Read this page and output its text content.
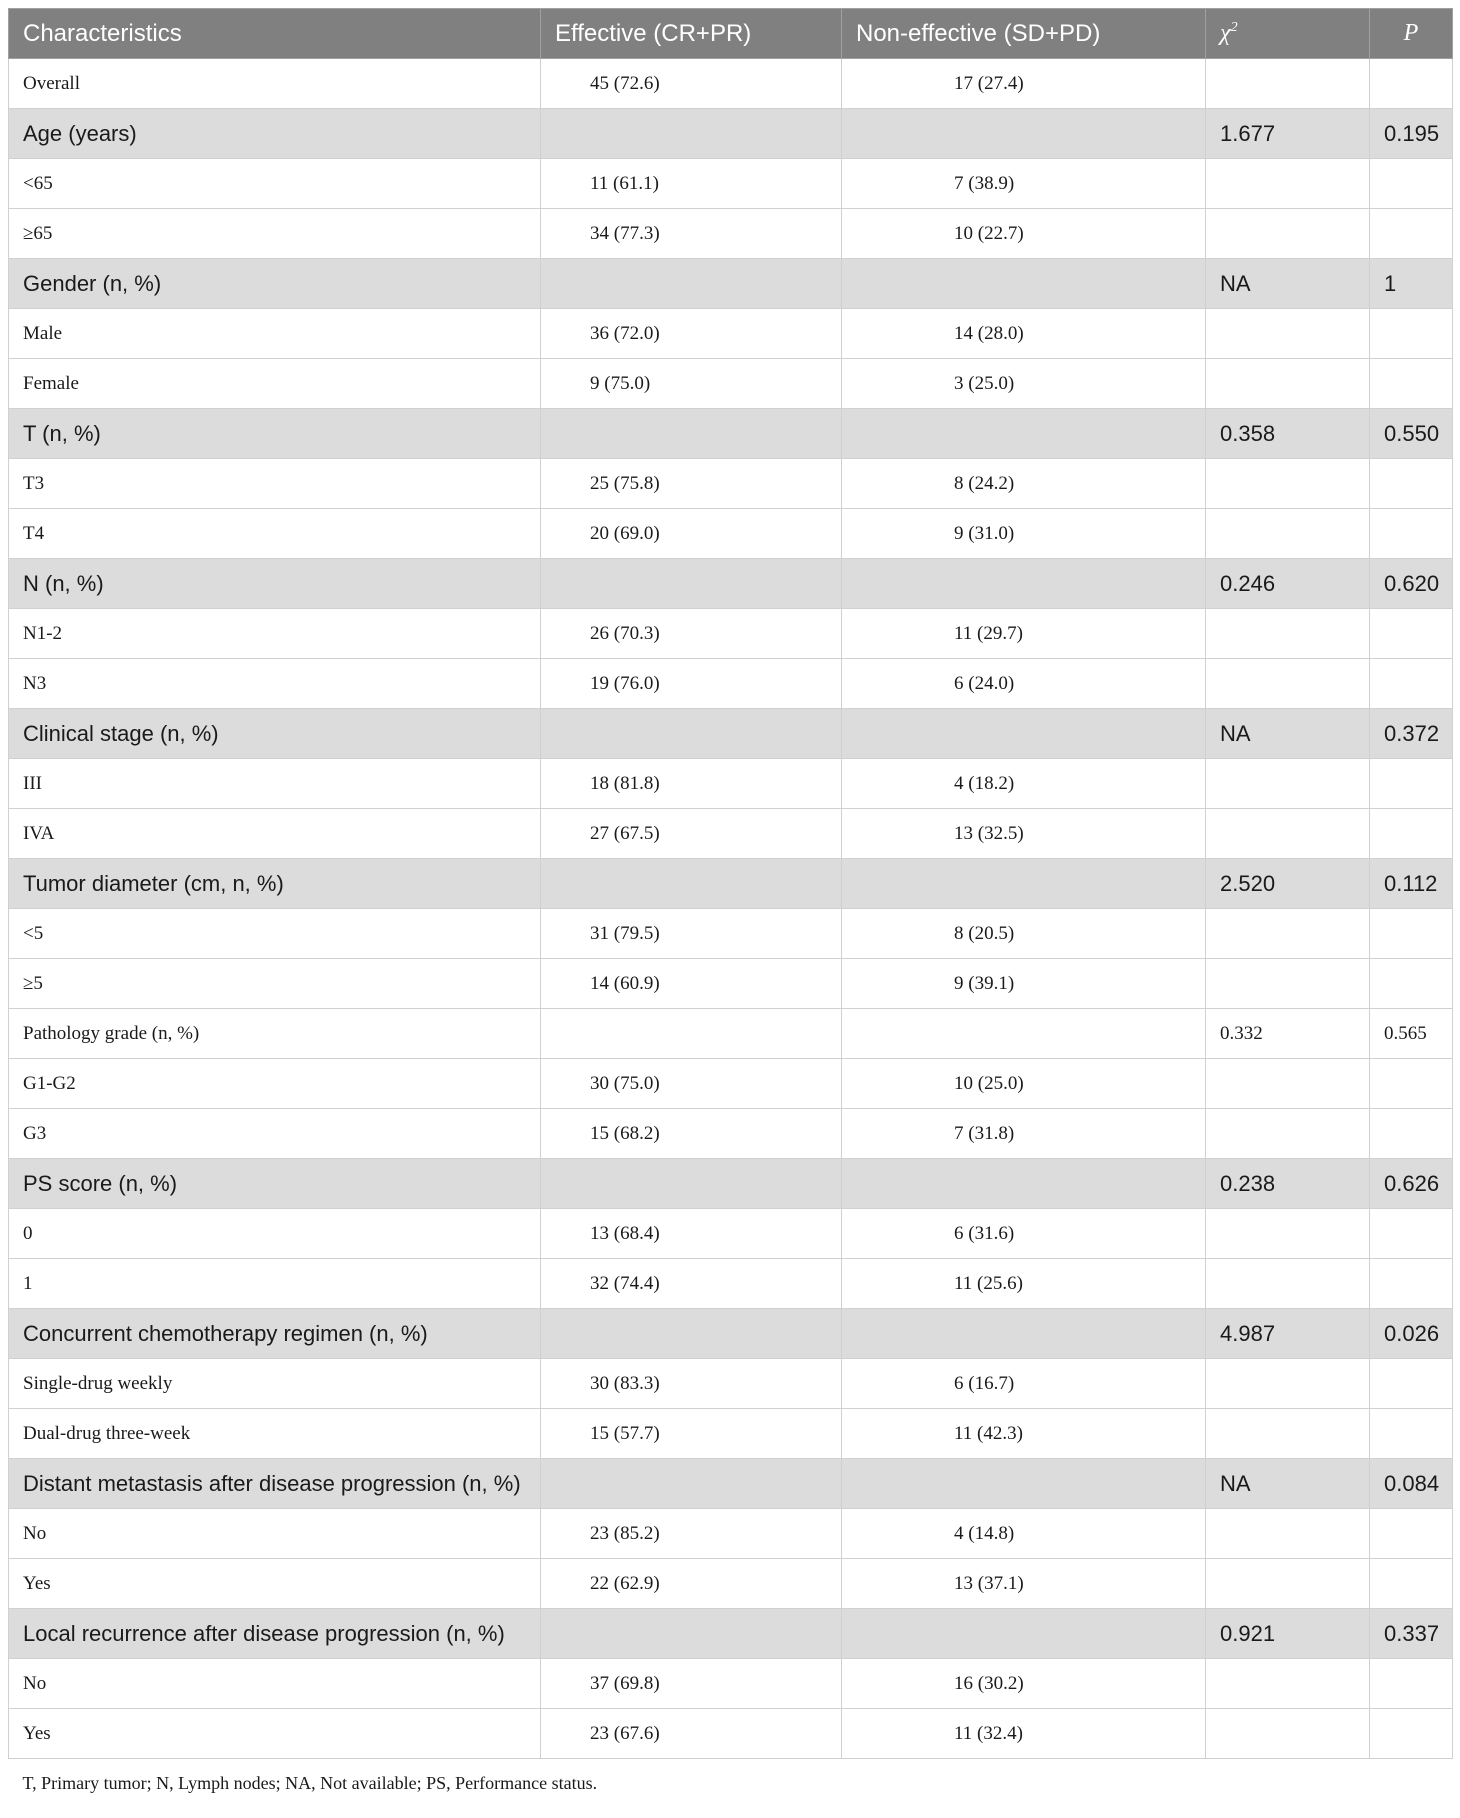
Characteristics	Effective (CR+PR)	Non-effective (SD+PD)	$\chi^2$	P
Overall	45 (72.6)	17 (27.4)		
Age (years)			1.677	0.195
<65	11 (61.1)	7 (38.9)		
≥65	34 (77.3)	10 (22.7)		
Gender (n, %)			NA	1
Male	36 (72.0)	14 (28.0)		
Female	9 (75.0)	3 (25.0)		
T (n, %)			0.358	0.550
T3	25 (75.8)	8 (24.2)		
T4	20 (69.0)	9 (31.0)		
N (n, %)			0.246	0.620
N1-2	26 (70.3)	11 (29.7)		
N3	19 (76.0)	6 (24.0)		
Clinical stage (n, %)			NA	0.372
III	18 (81.8)	4 (18.2)		
IVA	27 (67.5)	13 (32.5)		
Tumor diameter (cm, n, %)			2.520	0.112
<5	31 (79.5)	8 (20.5)		
≥5	14 (60.9)	9 (39.1)		
Pathology grade (n, %)			0.332	0.565
G1-G2	30 (75.0)	10 (25.0)		
G3	15 (68.2)	7 (31.8)		
PS score (n, %)			0.238	0.626
0	13 (68.4)	6 (31.6)		
1	32 (74.4)	11 (25.6)		
Concurrent chemotherapy regimen (n, %)			4.987	0.026
Single-drug weekly	30 (83.3)	6 (16.7)		
Dual-drug three-week	15 (57.7)	11 (42.3)		
Distant metastasis after disease progression (n, %)			NA	0.084
No	23 (85.2)	4 (14.8)		
Yes	22 (62.9)	13 (37.1)		
Local recurrence after disease progression (n, %)			0.921	0.337
No	37 (69.8)	16 (30.2)		
Yes	23 (67.6)	11 (32.4)		
T, Primary tumor; N, Lymph nodes; NA, Not available; PS, Performance status.				
